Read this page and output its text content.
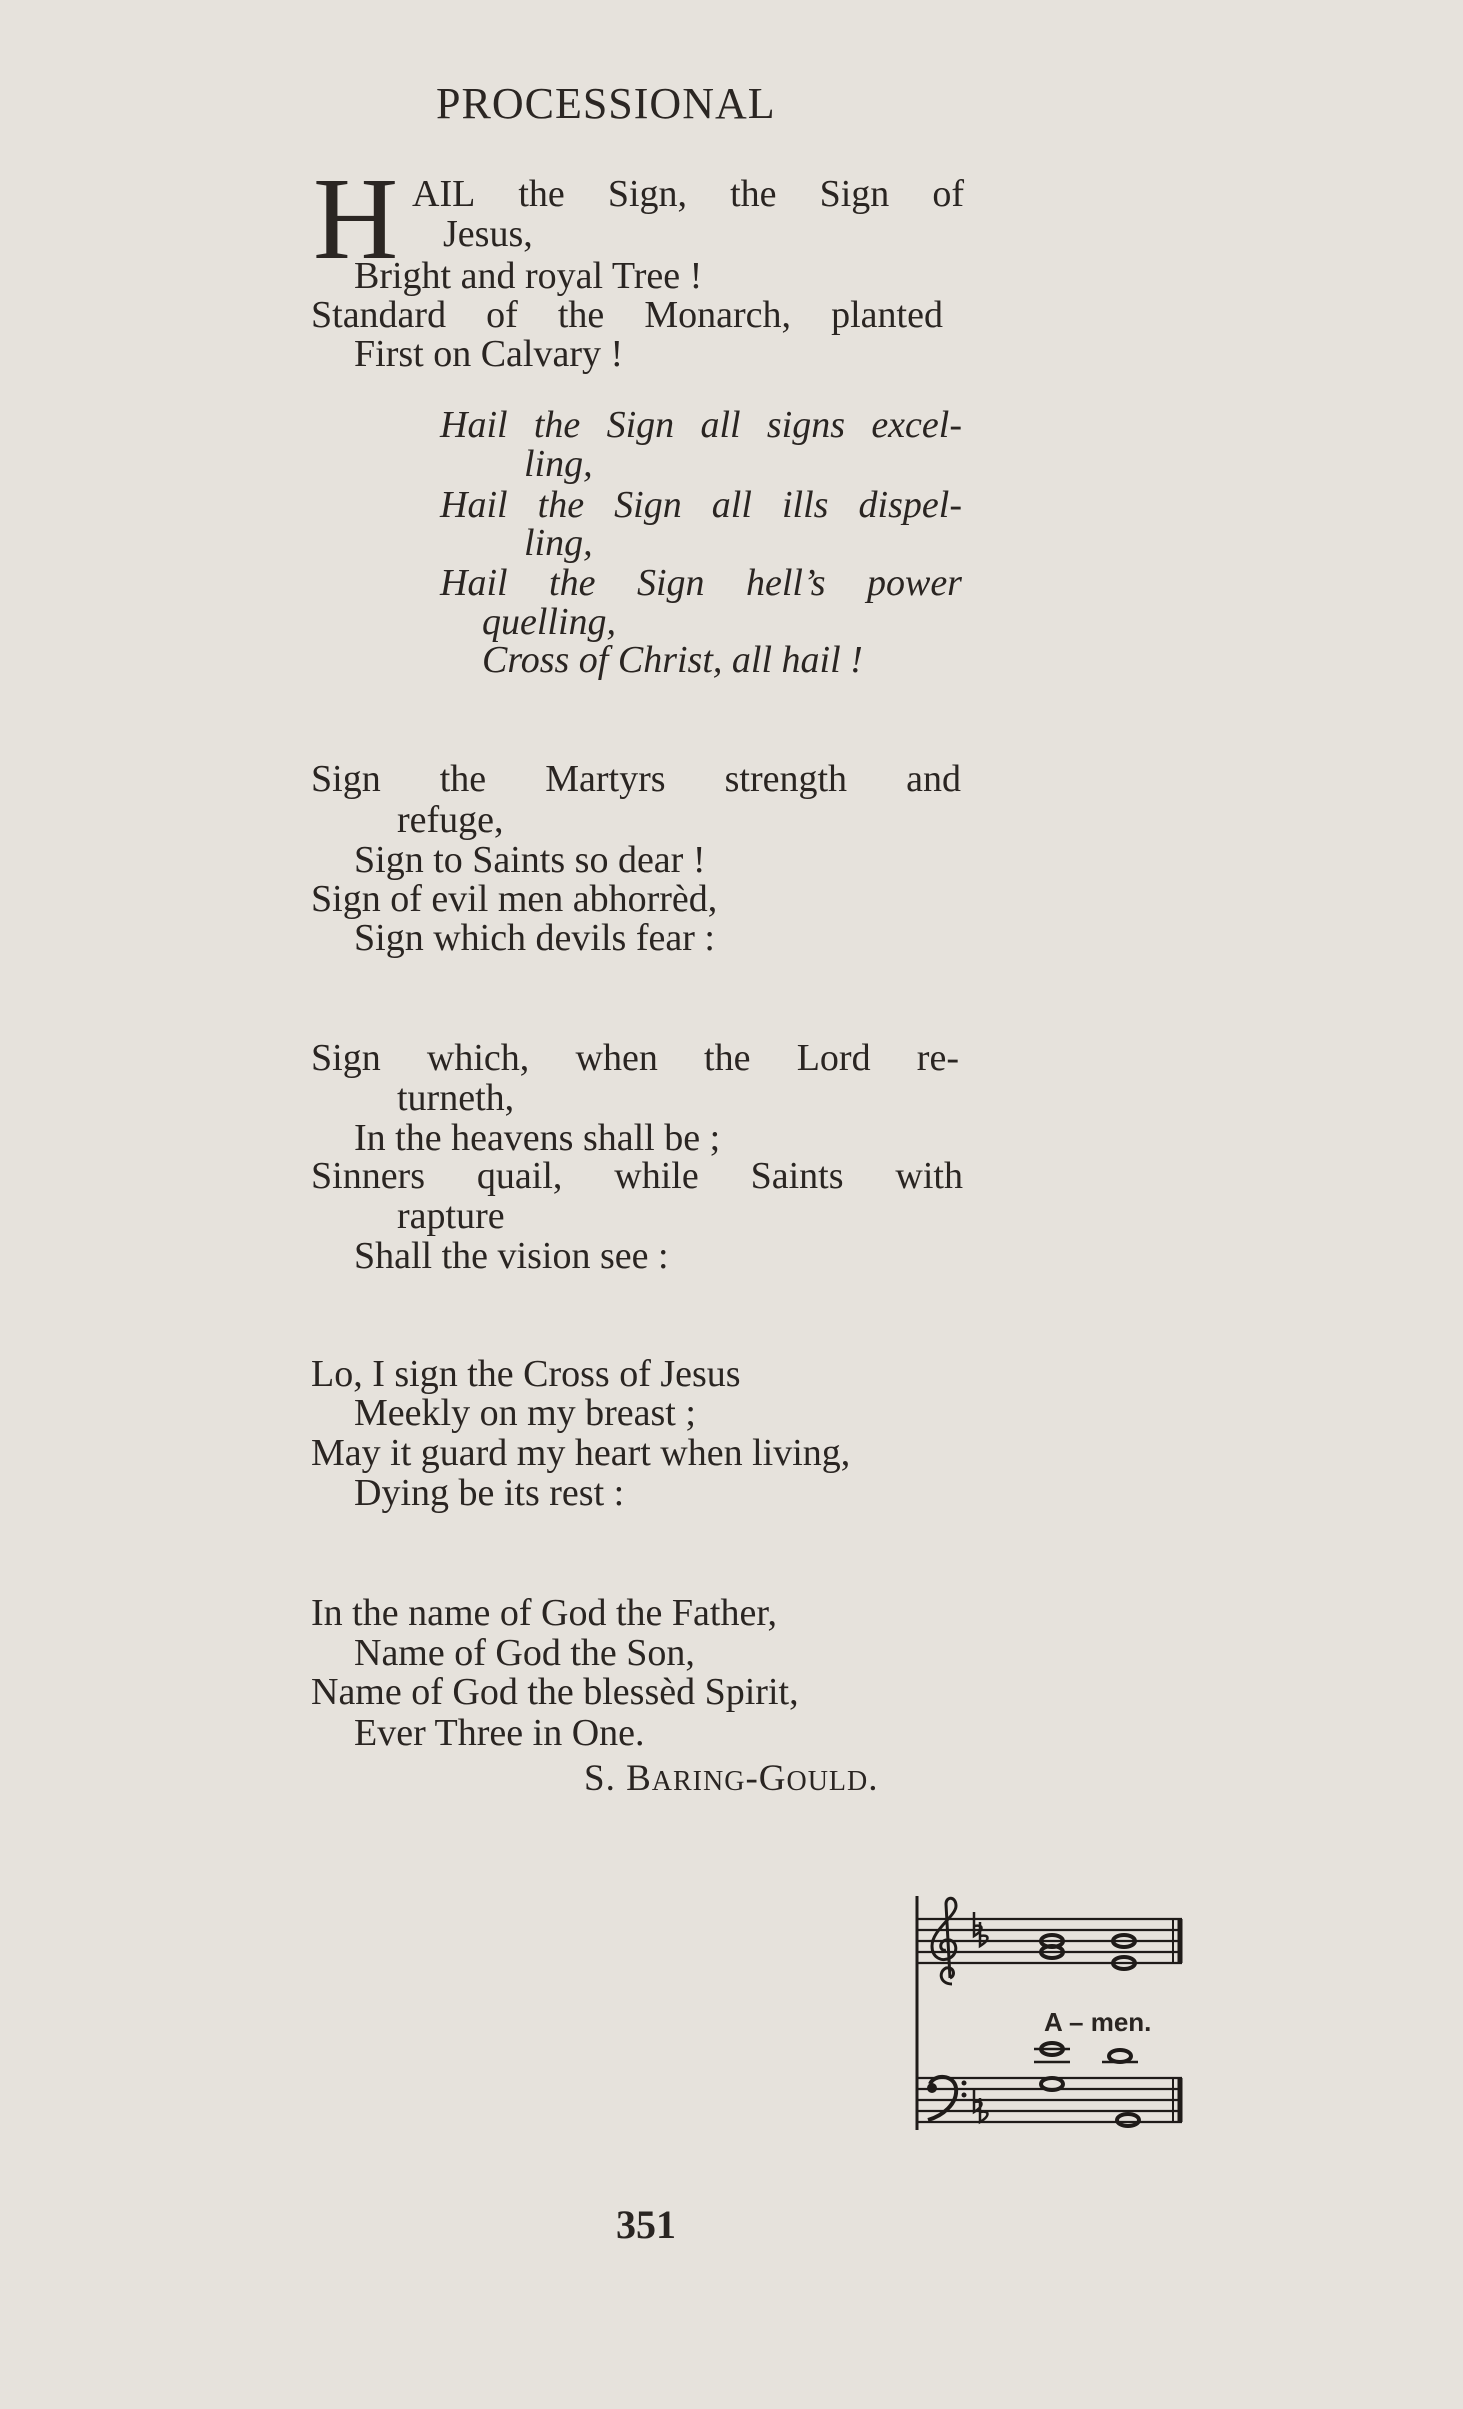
PROCESSIONAL
H AIL the Sign, the Sign of
Jesus,
Bright and royal Tree !
Standard of the Monarch, planted
First on Calvary !
Hail the Sign all signs excel-
ling,
Hail the Sign all ills dispel-
ling,
Hail the Sign hell’s power
quelling,
Cross of Christ, all hail !
Sign the Martyrs strength and
refuge,
Sign to Saints so dear !
Sign of evil men abhorrèd,
Sign which devils fear :
Sign which, when the Lord re-
turneth,
In the heavens shall be ;
Sinners quail, while Saints with
rapture
Shall the vision see :
Lo, I sign the Cross of Jesus
Meekly on my breast ;
May it guard my heart when living,
Dying be its rest :
In the name of God the Father,
Name of God the Son,
Name of God the blessèd Spirit,
Ever Three in One.
S. BARING-GOULD.
A – men.
351
